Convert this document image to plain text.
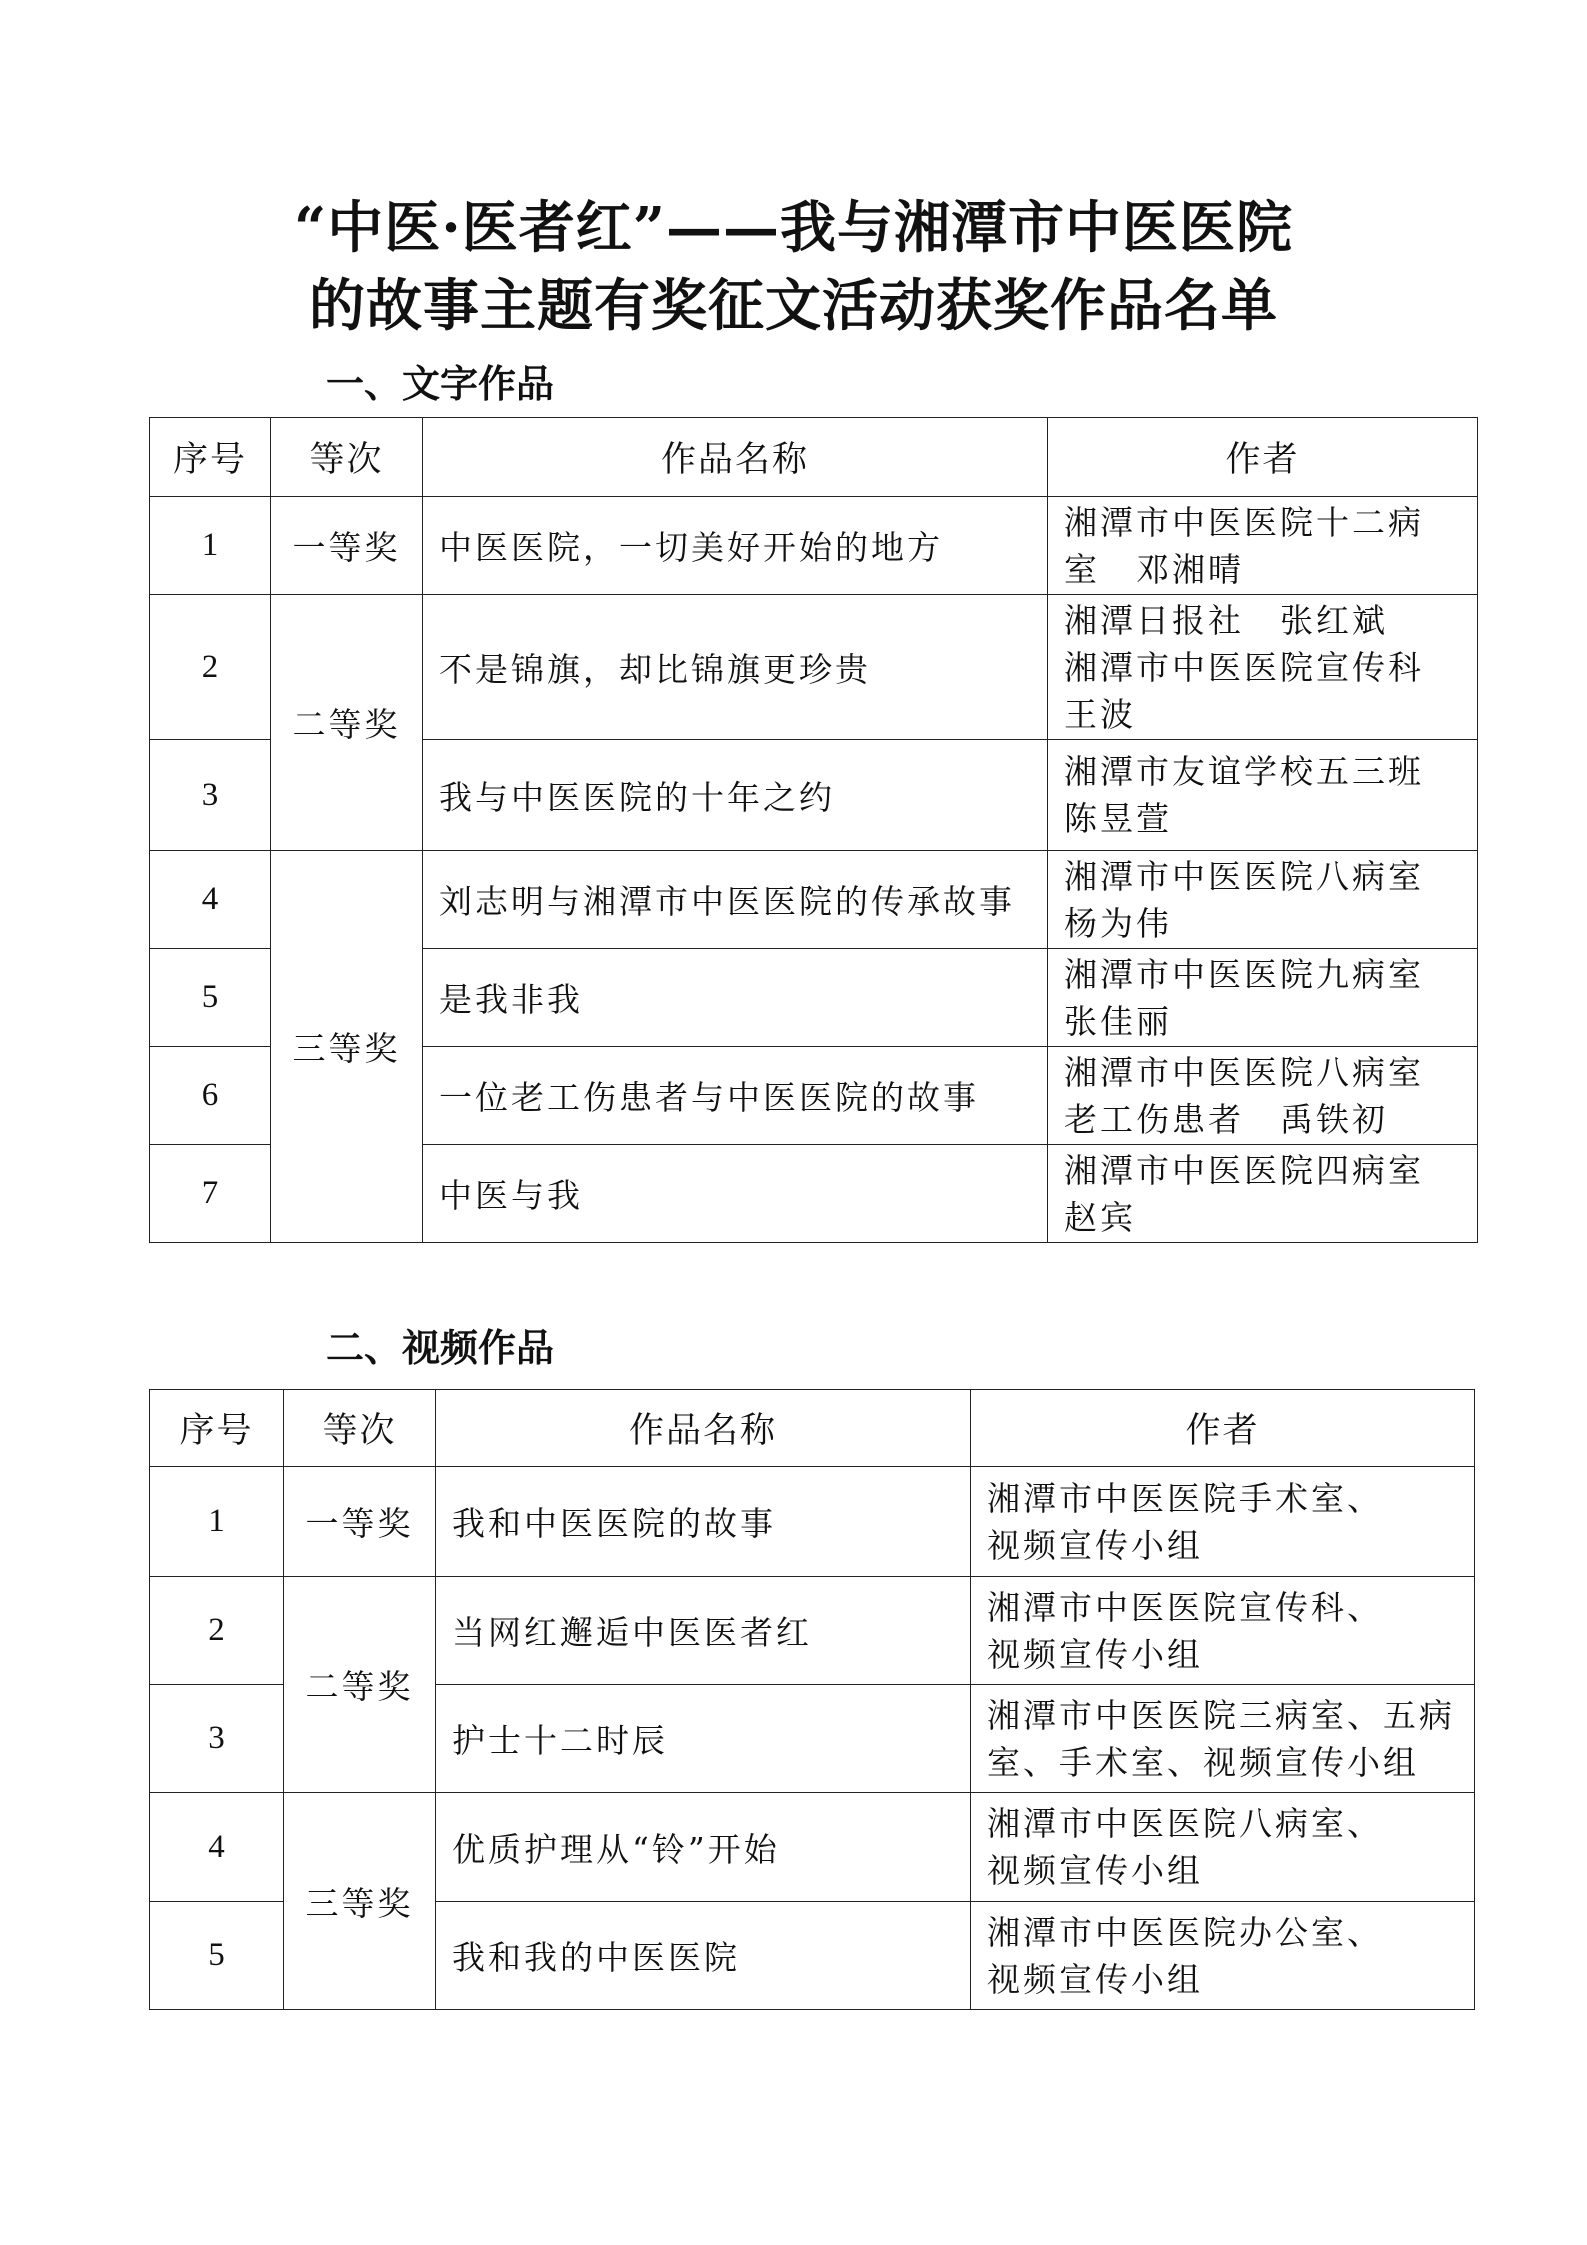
“中医·医者红”——我与湘潭市中医医院
的故事主题有奖征文活动获奖作品名单
一、文字作品
序号	等次	作品名称	作者
1	一等奖	中医医院，一切美好开始的地方	湘潭市中医医院十二病
室　邓湘晴

2	二等奖	不是锦旗，却比锦旗更珍贵	湘潭日报社　张红斌
湘潭市中医医院宣传科
王波

3		我与中医医院的十年之约	湘潭市友谊学校五三班
陈昱萱

4	三等奖	刘志明与湘潭市中医医院的传承故事	湘潭市中医医院八病室
杨为伟

5		是我非我	湘潭市中医医院九病室
张佳丽

6		一位老工伤患者与中医医院的故事	湘潭市中医医院八病室
老工伤患者　禹铁初

7		中医与我	湘潭市中医医院四病室
赵宾
二、视频作品
序号	等次	作品名称	作者
1	一等奖	我和中医医院的故事	湘潭市中医医院手术室、
视频宣传小组

2	二等奖	当网红邂逅中医医者红	湘潭市中医医院宣传科、
视频宣传小组

3		护士十二时辰	湘潭市中医医院三病室、五病
室、手术室、视频宣传小组

4	三等奖	优质护理从“铃”开始	湘潭市中医医院八病室、
视频宣传小组

5		我和我的中医医院	湘潭市中医医院办公室、
视频宣传小组
